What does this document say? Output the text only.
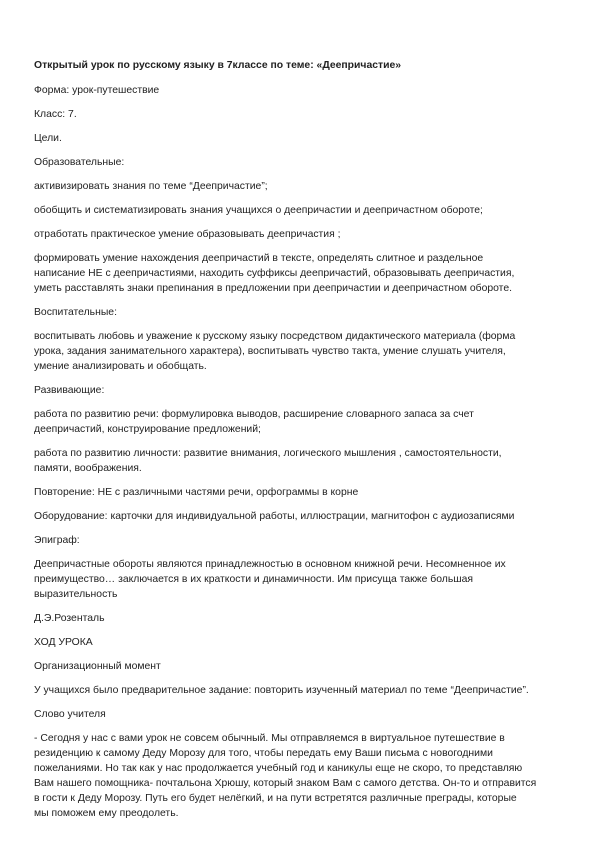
Открытый урок по русскому языку в 7классе по теме: «Деепричастие»

Форма: урок-путешествие

Класс: 7.

Цели.

Образовательные:

активизировать знания по теме “Деепричастие”;

обобщить и систематизировать знания учащихся о деепричастии и деепричастном обороте;

отработать практическое умение образовывать деепричастия ;

формировать умение нахождения деепричастий в тексте, определять слитное и раздельное
написание НЕ с деепричастиями, находить суффиксы деепричастий, образовывать деепричастия,
уметь расставлять знаки препинания в предложении при деепричастии и деепричастном обороте.

Воспитательные:

воспитывать любовь и уважение к русскому языку посредством дидактического материала (форма
урока, задания занимательного характера), воспитывать чувство такта, умение слушать учителя,
умение анализировать и обобщать.

Развивающие:

работа по развитию речи: формулировка выводов, расширение словарного запаса за счет
деепричастий, конструирование предложений;

работа по развитию личности: развитие внимания, логического мышления , самостоятельности,
памяти, воображения.

Повторение: НЕ с различными частями речи, орфограммы в корне

Оборудование: карточки для индивидуальной работы, иллюстрации, магнитофон с аудиозаписями

Эпиграф:

Деепричастные обороты являются принадлежностью в основном книжной речи. Несомненное их
преимущество… заключается в их краткости и динамичности. Им присуща также большая
выразительность

Д.Э.Розенталь

ХОД УРОКА

Организационный момент

У учащихся было предварительное задание: повторить изученный материал по теме “Деепричастие”.

Слово учителя

- Сегодня у нас с вами урок не совсем обычный. Мы отправляемся в виртуальное путешествие в
резиденцию к самому Деду Морозу для того, чтобы передать ему Ваши письма с новогодними
пожеланиями. Но так как у нас продолжается учебный год и каникулы еще не скоро, то представляю
Вам нашего помощника- почтальона Хрюшу, который знаком Вам с самого детства. Он-то и отправится
в гости к Деду Морозу. Путь его будет нелёгкий, и на пути встретятся различные преграды, которые
мы поможем ему преодолеть.
